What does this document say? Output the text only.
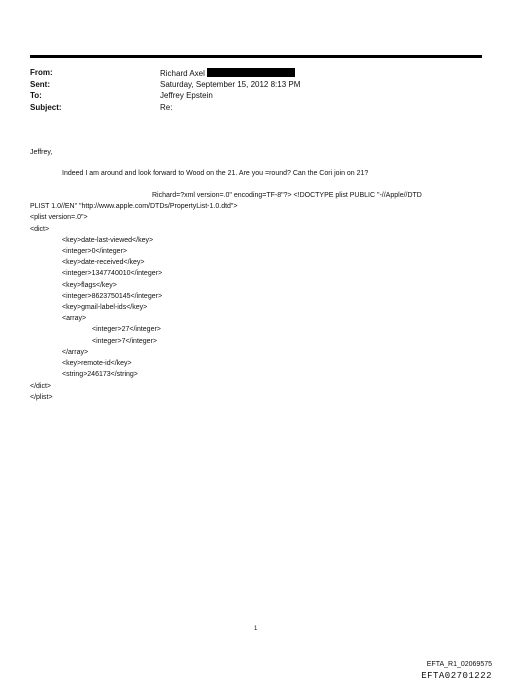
From:	Richard Axel
Sent:	Saturday, September 15, 2012 8:13 PM
To:	Jeffrey Epstein
Subject:	Re:
Jeffrey,
Indeed I am around and look forward to Wood on the 21. Are you =round? Can the Cori join on 21?
Richard=?xml version=.0" encoding=TF-8"?> <!DOCTYPE plist PUBLIC "-//Apple//DTD
PLIST 1.0//EN" "http://www.apple.com/DTDs/PropertyList-1.0.dtd">
<plist version=.0">
<dict>
<key>date-last-viewed</key>
<integer>0</integer>
<key>date-received</key>
<integer>1347740010</integer>
<key>flags</key>
<integer>8623750145</integer>
<key>gmail-label-ids</key>
<array>
<integer>27</integer>
<integer>7</integer>
</array>
<key>remote-id</key>
<string>246173</string>
</dict>
</plist>
1
EFTA_R1_02069575
EFTA02701222
